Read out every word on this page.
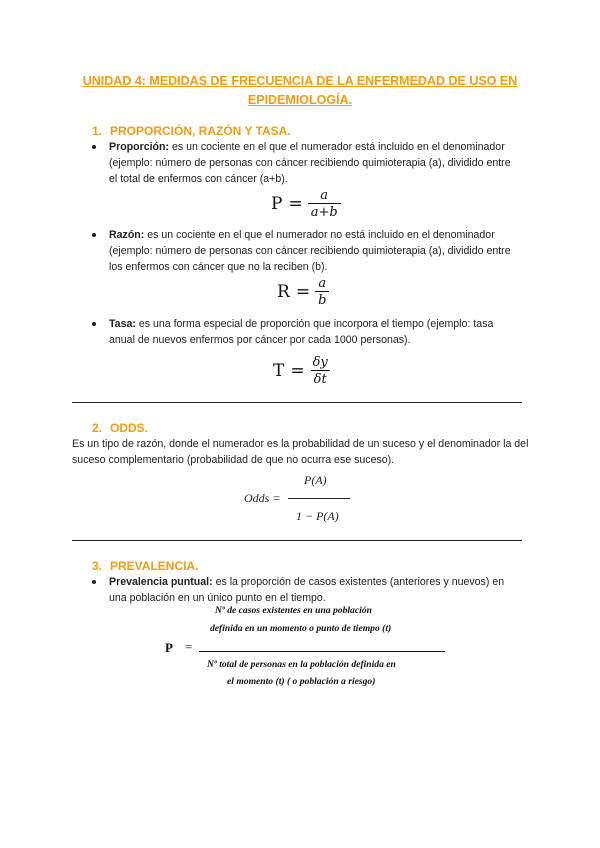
UNIDAD 4: MEDIDAS DE FRECUENCIA DE LA ENFERMEDAD DE USO EN EPIDEMIOLOGÍA.
1. PROPORCIÓN, RAZÓN Y TASA.
Proporción: es un cociente en el que el numerador está incluido en el denominador (ejemplo: número de personas con cáncer recibiendo quimioterapia (a), dividido entre el total de enfermos con cáncer (a+b).
$P = \frac{a}{a+b}$
Razón: es un cociente en el que el numerador no está incluido en el denominador (ejemplo: número de personas con cáncer recibiendo quimioterapia (a), dividido entre los enfermos con cáncer que no la reciben (b).
$R = \frac{a}{b}$
Tasa: es una forma especial de proporción que incorpora el tiempo (ejemplo: tasa anual de nuevos enfermos por cáncer por cada 1000 personas).
$T = \frac{\delta y}{\delta t}$
2. ODDS.
Es un tipo de razón, donde el numerador es la probabilidad de un suceso y el denominador la del suceso complementario (probabilidad de que no ocurra ese suceso).
Odds =
P(A)
1 − P(A)
3. PREVALENCIA.
Prevalencia puntual: es la proporción de casos existentes (anteriores y nuevos) en una población en un único punto en el tiempo.
P =
Nº de casos existentes en una población
definida en un momento o punto de tiempo (t)
Nº total de personas en la población definida en
el momento (t) ( o población a riesgo)
